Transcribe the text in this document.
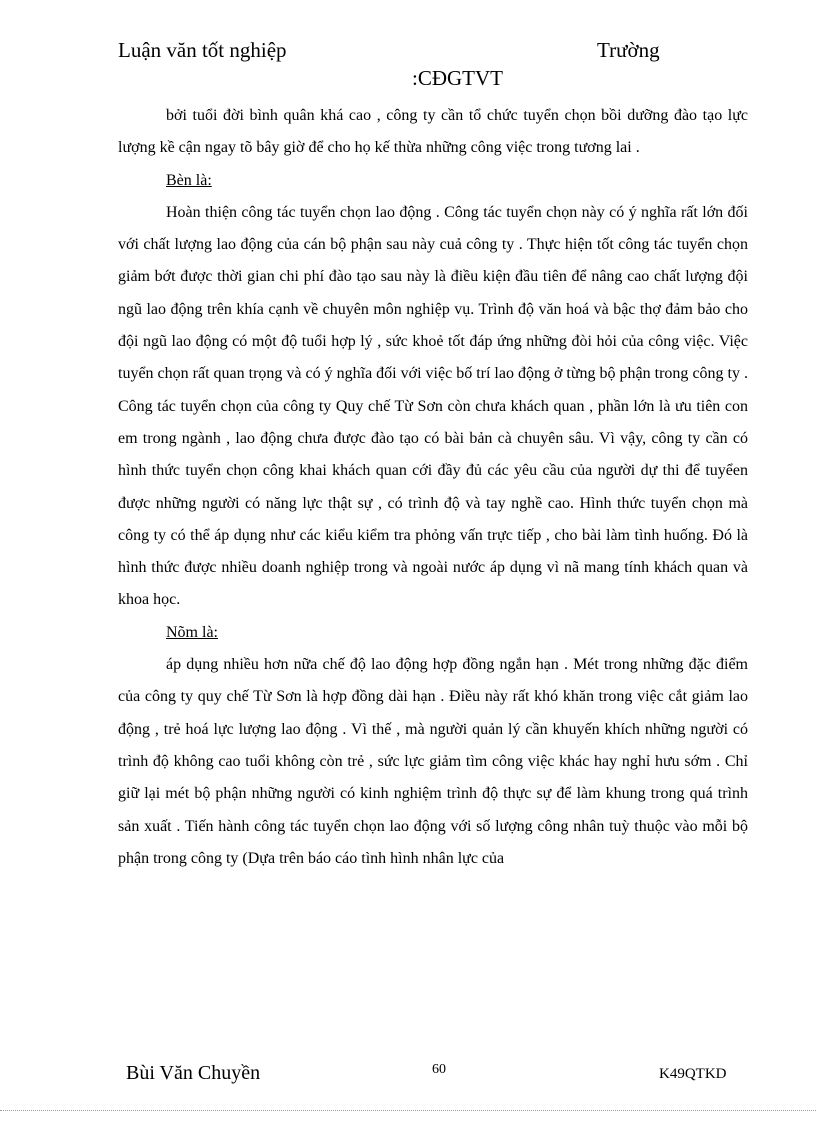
Luận văn tốt nghiệp	Trường
:CĐGTVT

bởi tuổi đời bình quân khá cao , công ty cần tổ chức tuyển chọn bồi dưỡng đào tạo lực lượng kề cận ngay tõ bây giờ để cho họ kế thừa những công việc trong tương lai .

Bèn là:

Hoàn thiện công tác tuyển chọn lao động . Công tác tuyển chọn này có ý nghĩa rất lớn đối với chất lượng lao động của cán bộ phận sau này cuả công ty . Thực hiện tốt công tác tuyển chọn giảm bớt được thời gian chi phí đào tạo sau này là điều kiện đầu tiên để nâng cao chất lượng đội ngũ lao động trên khía cạnh về chuyên môn nghiệp vụ. Trình độ văn hoá và bậc thợ đảm bảo cho đội ngũ lao động có một độ tuổi hợp lý , sức khoẻ tốt đáp ứng những đòi hỏi của công việc. Việc tuyển chọn rất quan trọng và có ý nghĩa đối với việc bố trí lao động ở từng bộ phận trong công ty . Công tác tuyển chọn của công ty Quy chế Từ Sơn còn chưa khách quan , phần lớn là ưu tiên con em trong ngành , lao động chưa được đào tạo có bài bản cà chuyên sâu. Vì vậy, công ty cần có hình thức tuyển chọn công khai khách quan cới đầy đủ các yêu cầu của người dự thi để tuyểen được những người có năng lực thật sự , có trình độ và tay nghề cao. Hình thức tuyển chọn mà công ty có thể áp dụng như các kiểu kiểm tra phỏng vấn trực tiếp , cho bài làm tình huống. Đó là hình thức được nhiều doanh nghiệp trong và ngoài nước áp dụng vì nã mang tính khách quan và khoa học.

Nõm là:

áp dụng nhiều hơn nữa chế độ lao động hợp đồng ngắn hạn . Mét trong những đặc điểm của công ty quy chế Từ Sơn là hợp đồng dài hạn . Điều này rất khó khăn trong việc cắt giảm lao động , trẻ hoá lực lượng lao động . Vì thế , mà người quản lý cần khuyến khích những người có trình độ không cao tuổi không còn trẻ , sức lực giảm tìm công việc khác hay nghỉ hưu sớm . Chỉ giữ lại mét bộ phận những người có kinh nghiệm trình độ thực sự để làm khung trong quá trình sản xuất . Tiến hành công tác tuyển chọn lao động với số lượng công nhân tuỳ thuộc vào mỗi bộ phận trong công ty (Dựa trên báo cáo tình hình nhân lực của

Bùi Văn Chuyền	60	K49QTKD
